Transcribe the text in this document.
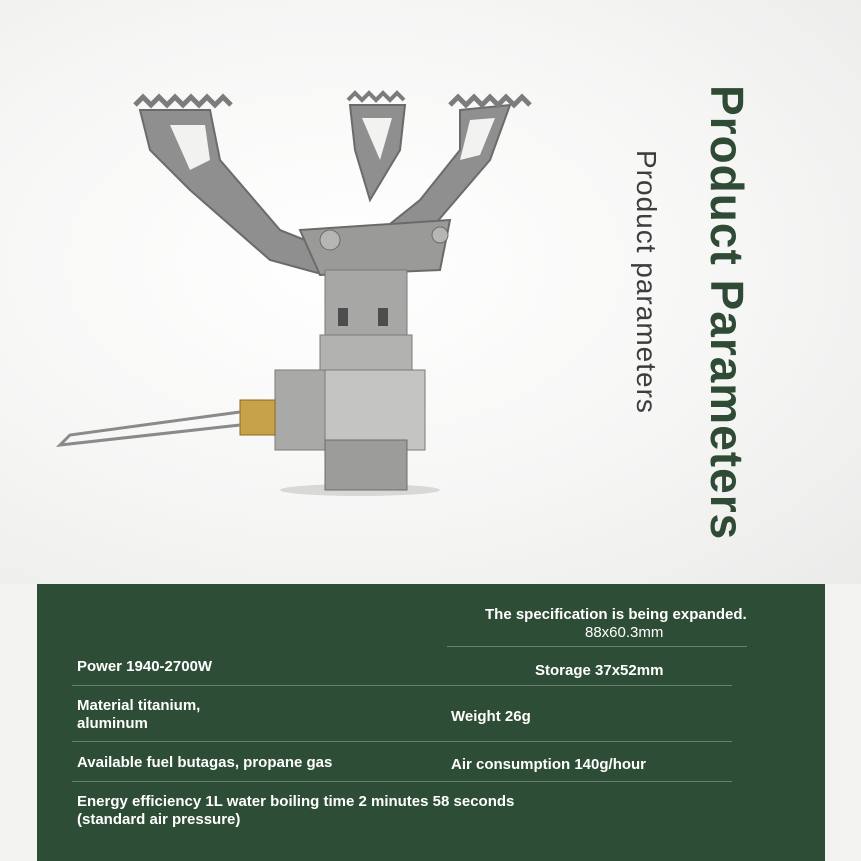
Product Parameters
Product parameters
The specification is being expanded.
88x60.3mm
Power 1940-2700W	Storage 37x52mm
Material titanium,
aluminum	Weight 26g
Available fuel butagas, propane gas	Air consumption 140g/hour
Energy efficiency 1L water boiling time 2 minutes 58 seconds
(standard air pressure)
